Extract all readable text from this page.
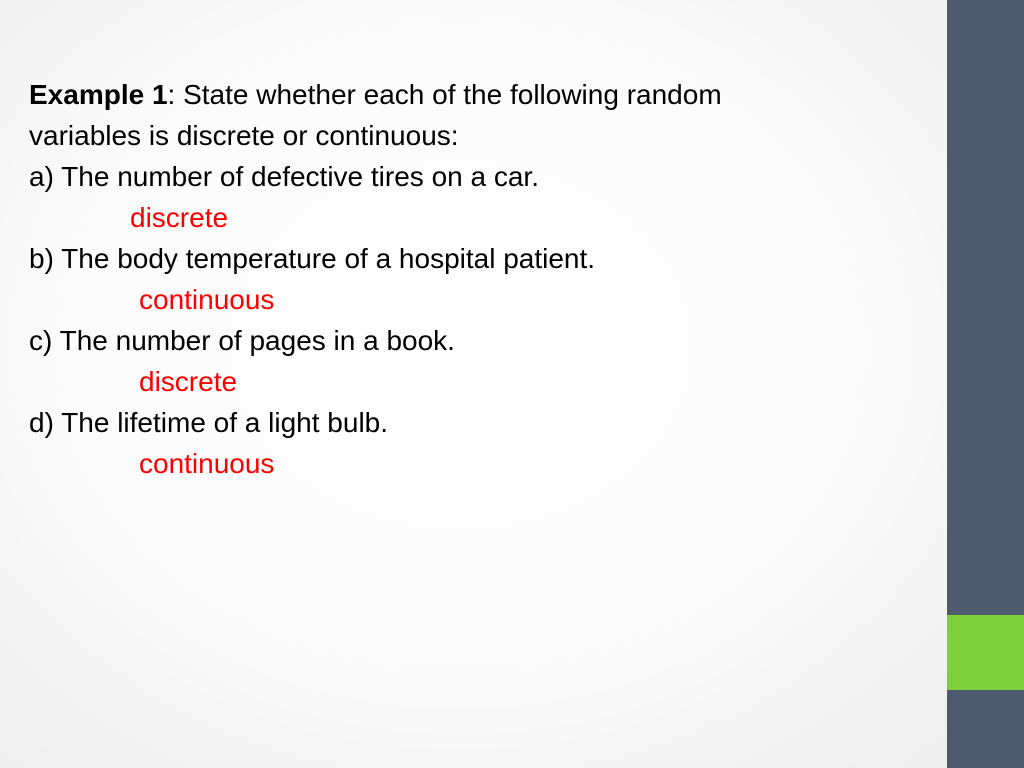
Example 1: State whether each of the following random
variables is discrete or continuous:
a) The number of defective tires on a car.
discrete
b) The body temperature of a hospital patient.
continuous
c) The number of pages in a book.
discrete
d) The lifetime of a light bulb.
continuous
